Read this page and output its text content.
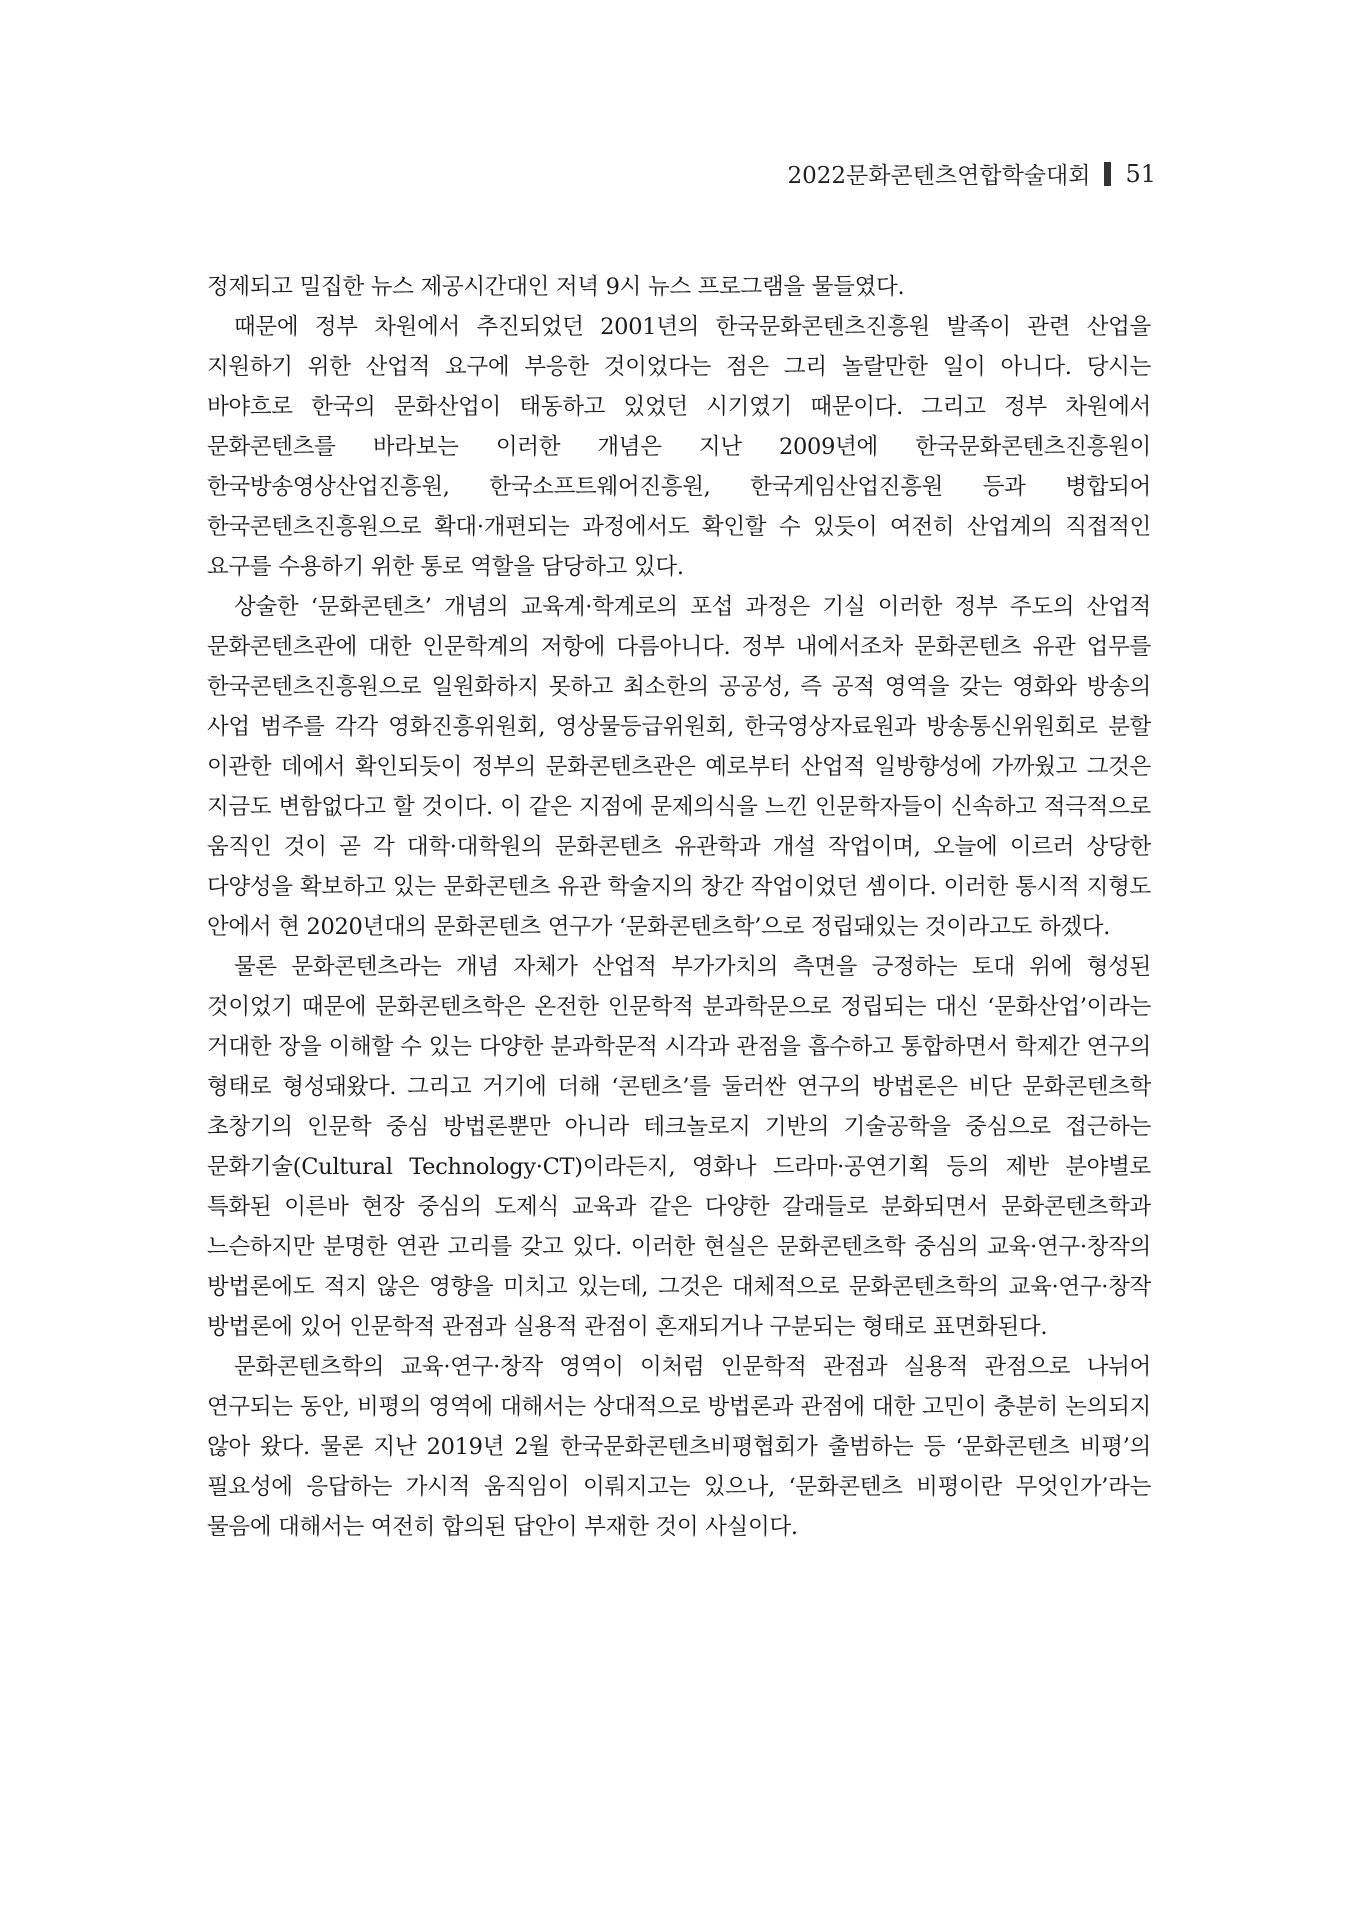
2022문화콘텐츠연합학술대회 51

정제되고 밀집한 뉴스 제공시간대인 저녁 9시 뉴스 프로그램을 물들였다.

때문에 정부 차원에서 추진되었던 2001년의 한국문화콘텐츠진흥원 발족이 관련 산업을 지원하기 위한 산업적 요구에 부응한 것이었다는 점은 그리 놀랄만한 일이 아니다. 당시는 바야흐로 한국의 문화산업이 태동하고 있었던 시기였기 때문이다. 그리고 정부 차원에서 문화콘텐츠를 바라보는 이러한 개념은 지난 2009년에 한국문화콘텐츠진흥원이 한국방송영상산업진흥원, 한국소프트웨어진흥원, 한국게임산업진흥원 등과 병합되어 한국콘텐츠진흥원으로 확대·개편되는 과정에서도 확인할 수 있듯이 여전히 산업계의 직접적인 요구를 수용하기 위한 통로 역할을 담당하고 있다.

상술한 ‘문화콘텐츠’ 개념의 교육계·학계로의 포섭 과정은 기실 이러한 정부 주도의 산업적 문화콘텐츠관에 대한 인문학계의 저항에 다름아니다. 정부 내에서조차 문화콘텐츠 유관 업무를 한국콘텐츠진흥원으로 일원화하지 못하고 최소한의 공공성, 즉 공적 영역을 갖는 영화와 방송의 사업 범주를 각각 영화진흥위원회, 영상물등급위원회, 한국영상자료원과 방송통신위원회로 분할 이관한 데에서 확인되듯이 정부의 문화콘텐츠관은 예로부터 산업적 일방향성에 가까웠고 그것은 지금도 변함없다고 할 것이다. 이 같은 지점에 문제의식을 느낀 인문학자들이 신속하고 적극적으로 움직인 것이 곧 각 대학·대학원의 문화콘텐츠 유관학과 개설 작업이며, 오늘에 이르러 상당한 다양성을 확보하고 있는 문화콘텐츠 유관 학술지의 창간 작업이었던 셈이다. 이러한 통시적 지형도 안에서 현 2020년대의 문화콘텐츠 연구가 ‘문화콘텐츠학’으로 정립돼있는 것이라고도 하겠다.

물론 문화콘텐츠라는 개념 자체가 산업적 부가가치의 측면을 긍정하는 토대 위에 형성된 것이었기 때문에 문화콘텐츠학은 온전한 인문학적 분과학문으로 정립되는 대신 ‘문화산업’이라는 거대한 장을 이해할 수 있는 다양한 분과학문적 시각과 관점을 흡수하고 통합하면서 학제간 연구의 형태로 형성돼왔다. 그리고 거기에 더해 ‘콘텐츠’를 둘러싼 연구의 방법론은 비단 문화콘텐츠학 초창기의 인문학 중심 방법론뿐만 아니라 테크놀로지 기반의 기술공학을 중심으로 접근하는 문화기술(Cultural Technology·CT)이라든지, 영화나 드라마·공연기획 등의 제반 분야별로 특화된 이른바 현장 중심의 도제식 교육과 같은 다양한 갈래들로 분화되면서 문화콘텐츠학과 느슨하지만 분명한 연관 고리를 갖고 있다. 이러한 현실은 문화콘텐츠학 중심의 교육·연구·창작의 방법론에도 적지 않은 영향을 미치고 있는데, 그것은 대체적으로 문화콘텐츠학의 교육·연구·창작 방법론에 있어 인문학적 관점과 실용적 관점이 혼재되거나 구분되는 형태로 표면화된다.

문화콘텐츠학의 교육·연구·창작 영역이 이처럼 인문학적 관점과 실용적 관점으로 나뉘어 연구되는 동안, 비평의 영역에 대해서는 상대적으로 방법론과 관점에 대한 고민이 충분히 논의되지 않아 왔다. 물론 지난 2019년 2월 한국문화콘텐츠비평협회가 출범하는 등 ‘문화콘텐츠 비평’의 필요성에 응답하는 가시적 움직임이 이뤄지고는 있으나, ‘문화콘텐츠 비평이란 무엇인가’라는 물음에 대해서는 여전히 합의된 답안이 부재한 것이 사실이다.
